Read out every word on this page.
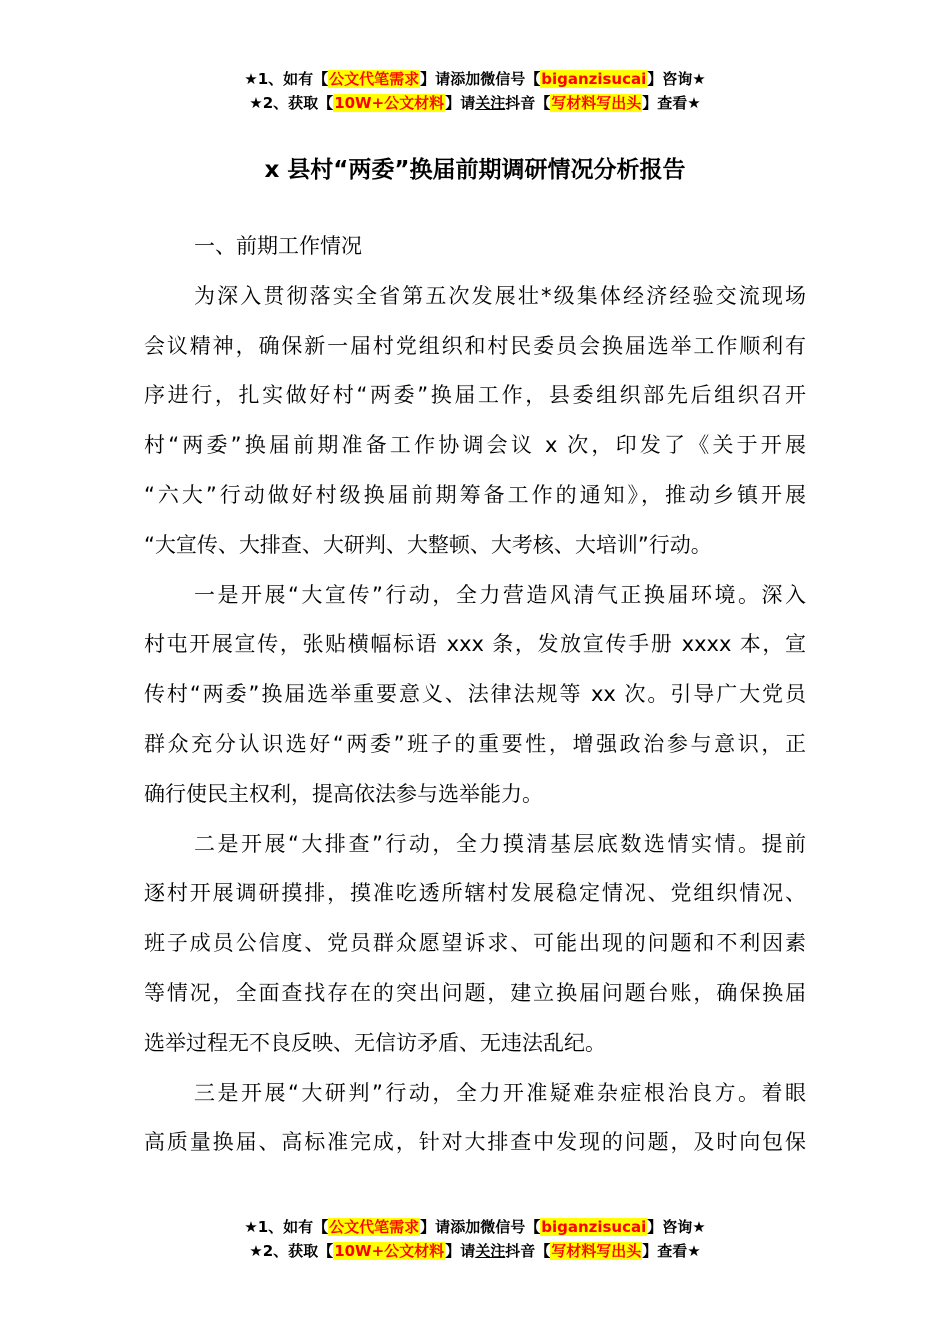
★1、如有【公文代笔需求】请添加微信号【biganzisucai】咨询★
★2、获取【10W+公文材料】请关注抖音【写材料写出头】查看★
x 县村“两委”换届前期调研情况分析报告
一、前期工作情况
为深入贯彻落实全省第五次发展壮*级集体经济经验交流现场
会议精神，确保新一届村党组织和村民委员会换届选举工作顺利有
序进行，扎实做好村“两委”换届工作，县委组织部先后组织召开
村“两委”换届前期准备工作协调会议 x 次，印发了《关于开展
“六大”行动做好村级换届前期筹备工作的通知》，推动乡镇开展
“大宣传、大排查、大研判、大整顿、大考核、大培训”行动。
一是开展“大宣传”行动，全力营造风清气正换届环境。深入
村屯开展宣传，张贴横幅标语 xxx 条，发放宣传手册 xxxx 本，宣
传村“两委”换届选举重要意义、法律法规等 xx 次。引导广大党员
群众充分认识选好“两委”班子的重要性，增强政治参与意识，正
确行使民主权利，提高依法参与选举能力。
二是开展“大排查”行动，全力摸清基层底数选情实情。提前
逐村开展调研摸排，摸准吃透所辖村发展稳定情况、党组织情况、
班子成员公信度、党员群众愿望诉求、可能出现的问题和不利因素
等情况，全面查找存在的突出问题，建立换届问题台账，确保换届
选举过程无不良反映、无信访矛盾、无违法乱纪。
三是开展“大研判”行动，全力开准疑难杂症根治良方。着眼
高质量换届、高标准完成，针对大排查中发现的问题，及时向包保
★1、如有【公文代笔需求】请添加微信号【biganzisucai】咨询★
★2、获取【10W+公文材料】请关注抖音【写材料写出头】查看★
